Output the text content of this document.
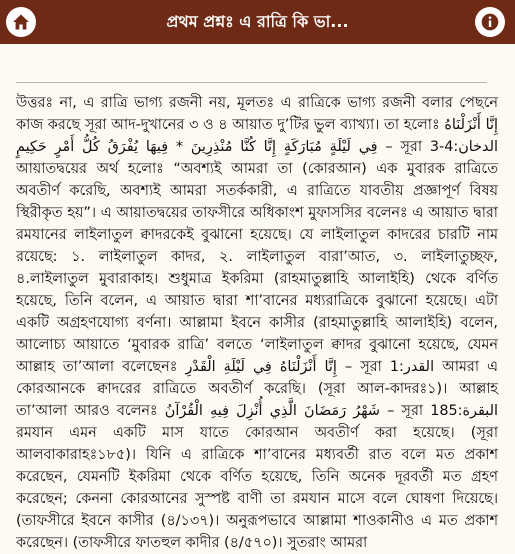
প্রথম প্রশ্নঃ এ রাত্রি কি ভা...

উত্তরঃ না, এ রাত্রি ভাগ্য রজনী নয়, মূলতঃ এ রাত্রিকে ভাগ্য রজনী বলার পেছনে কাজ করছে সূরা আদ-দুখানের ৩ ও ৪ আয়াত দু’টির ভুল ব্যাখ্যা। তা হলোঃ إِنَّا أَنْزَلْنَاهُ فِي لَيْلَةٍ مُبَارَكَةٍ إِنَّا كُنَّا مُنْذِرِينَ * فِيهَا يُفْرَقُ كُلُّ أَمْرٍ حَكِيمٍ – সূরা الدخان:4-3 আয়াতদ্বয়ের অর্থ হলোঃ “অবশ্যই আমরা তা (কোরআন) এক মুবারক রাত্রিতে অবতীর্ণ করেছি, অবশ্যই আমরা সতর্ককারী, এ রাত্রিতে যাবতীয় প্রজ্ঞাপূর্ণ বিষয় স্থিরীকৃত হয়”। এ আয়াতদ্বয়ের তাফসীরে অধিকাংশ মুফাসসির বলেনঃ এ আয়াত দ্বারা রমযানের লাইলাতুল ক্বাদরকেই বুঝানো হয়েছে। যে লাইলাতুল কাদরের চারটি নাম রয়েছে: ১. লাইলাতুল কাদর, ২. লাইলাতুল বারা’আত, ৩. লাইলাতুচ্ছফ, ৪.লাইলাতুল মুবারাকাহ। শুধুমাত্র ইকরিমা (রাহমাতুল্লাহি আলাইহি) থেকে বর্ণিত হয়েছে, তিনি বলেন, এ আয়াত দ্বারা শা’বানের মধ্যরাত্রিকে বুঝানো হয়েছে। এটা একটি অগ্রহণযোগ্য বর্ণনা। আল্লামা ইবনে কাসীর (রাহমাতুল্লাহি আলাইহি) বলেন, আলোচ্য আয়াতে ‘মুবারক রাত্রি’ বলতে ‘লাইলাতুল ক্বাদর বুঝানো হয়েছে, যেমন আল্লাহ তা’আলা বলেছেনঃ إِنَّا أَنْزَلْنَاهُ فِي لَيْلَةِ الْقَدْرِ – সূরা القدر:1 আমরা এ কোরআনকে ক্বাদরের রাত্রিতে অবতীর্ণ করেছি। (সূরা আল-কাদরঃ১)। আল্লাহ তা’আলা আরও বলেনঃ شَهْرُ رَمَضَانَ الَّذِي أُنْزِلَ فِيهِ الْقُرْآنُ – সূরা البقرة:185 রমযান এমন একটি মাস যাতে কোরআন অবতীর্ণ করা হয়েছে। (সূরা আলবাকারাহঃ১৮৫)। যিনি এ রাত্রিকে শা’বানের মধ্যবর্তী রাত বলে মত প্রকাশ করেছেন, যেমনটি ইকরিমা থেকে বর্ণিত হয়েছে, তিনি অনেক দূরবর্তী মত গ্রহণ করেছেন; কেননা কোরআনের সুস্পষ্ট বাণী তা রমযান মাসে বলে ঘোষণা দিয়েছে। (তাফসীরে ইবনে কাসীর (৪/১৩৭)। অনুরূপভাবে আল্লামা শাওকানীও এ মত প্রকাশ করেছেন। (তাফসীরে ফাতহুল কাদীর (৪/৫৭০)। সুতরাং আমরা
